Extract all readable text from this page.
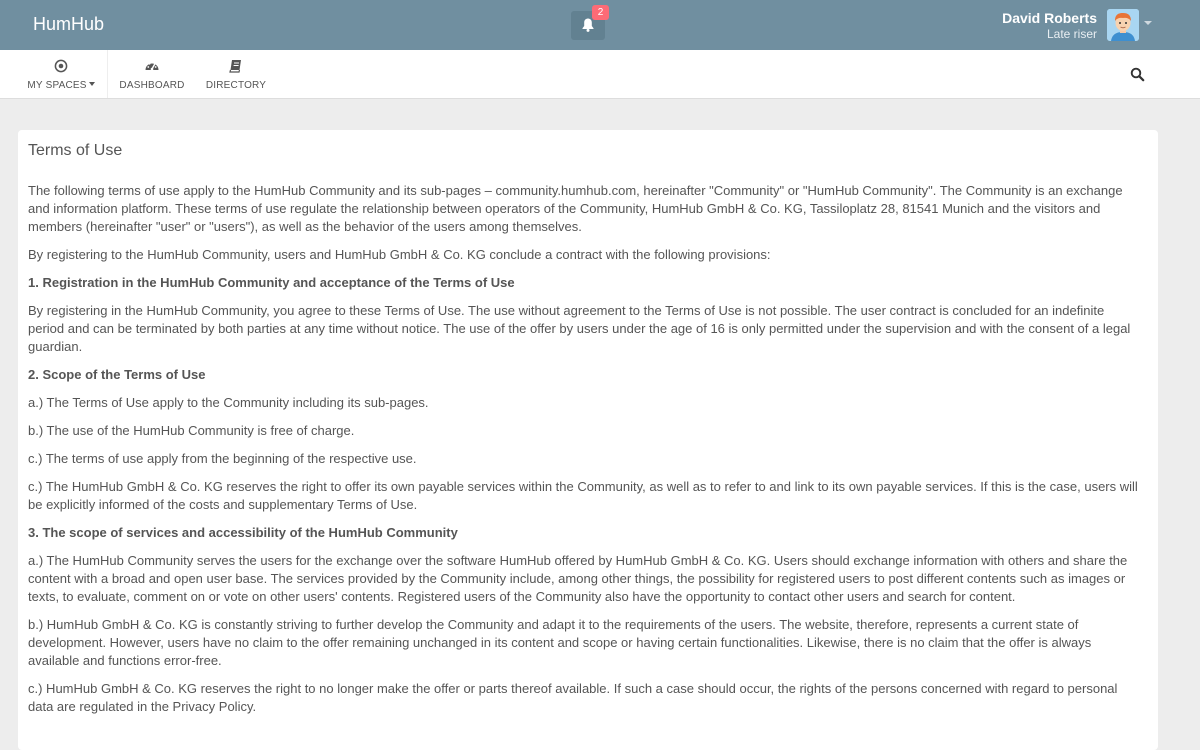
HumHub
2	David Roberts
Late riser
MY SPACES	DASHBOARD DIRECTORY
Terms of Use

The following terms of use apply to the HumHub Community and its sub-pages – community.humhub.com, hereinafter "Community" or "HumHub Community". The Community is an exchange and information platform. These terms of use regulate the relationship between operators of the Community, HumHub GmbH & Co. KG, Tassiloplatz 28, 81541 Munich and the visitors and members (hereinafter "user" or "users"), as well as the behavior of the users among themselves.

By registering to the HumHub Community, users and HumHub GmbH & Co. KG conclude a contract with the following provisions:

1. Registration in the HumHub Community and acceptance of the Terms of Use

By registering in the HumHub Community, you agree to these Terms of Use. The use without agreement to the Terms of Use is not possible. The user contract is concluded for an indefinite period and can be terminated by both parties at any time without notice. The use of the offer by users under the age of 16 is only permitted under the supervision and with the consent of a legal guardian.

2. Scope of the Terms of Use

a.) The Terms of Use apply to the Community including its sub-pages.

b.) The use of the HumHub Community is free of charge.

c.) The terms of use apply from the beginning of the respective use.

c.) The HumHub GmbH & Co. KG reserves the right to offer its own payable services within the Community, as well as to refer to and link to its own payable services. If this is the case, users will be explicitly informed of the costs and supplementary Terms of Use.

3. The scope of services and accessibility of the HumHub Community

a.) The HumHub Community serves the users for the exchange over the software HumHub offered by HumHub GmbH & Co. KG. Users should exchange information with others and share the content with a broad and open user base. The services provided by the Community include, among other things, the possibility for registered users to post different contents such as images or texts, to evaluate, comment on or vote on other users' contents. Registered users of the Community also have the opportunity to contact other users and search for content.

b.) HumHub GmbH & Co. KG is constantly striving to further develop the Community and adapt it to the requirements of the users. The website, therefore, represents a current state of development. However, users have no claim to the offer remaining unchanged in its content and scope or having certain functionalities. Likewise, there is no claim that the offer is always available and functions error-free.

c.) HumHub GmbH & Co. KG reserves the right to no longer make the offer or parts thereof available. If such a case should occur, the rights of the persons concerned with regard to personal data are regulated in the Privacy Policy.
